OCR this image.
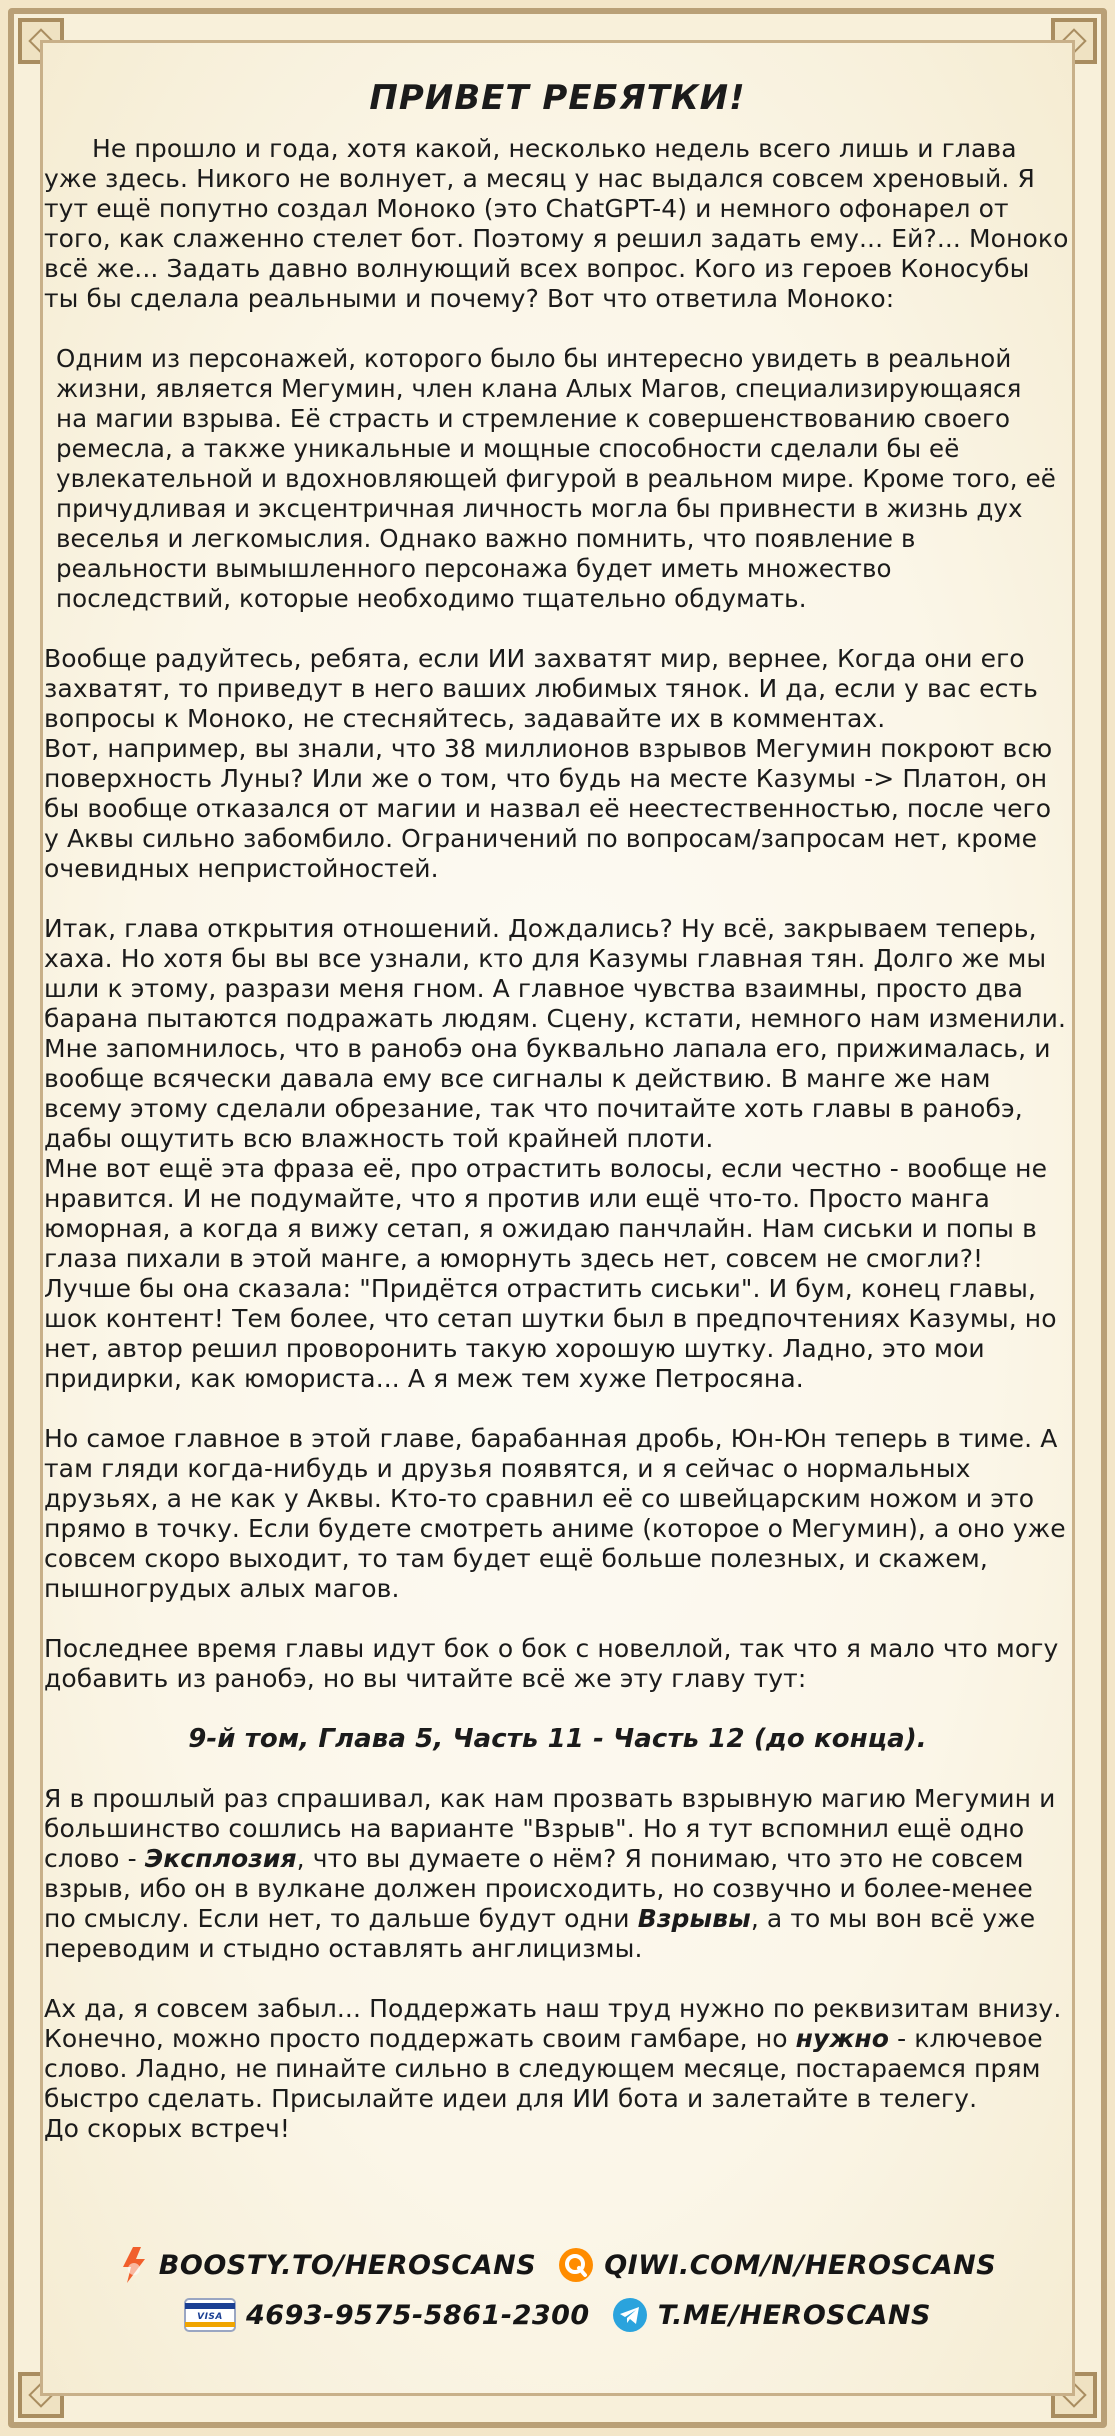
ПРИВЕТ РЕБЯТКИ!

Не прошло и года, хотя какой, несколько недель всего лишь и глава уже здесь. Никого не волнует, а месяц у нас выдался совсем хреновый. Я тут ещё попутно создал Моноко (это ChatGPT-4) и немного офонарел от того, как слаженно стелет бот. Поэтому я решил задать ему... Ей?... Моноко всё же... Задать давно волнующий всех вопрос. Кого из героев Коносубы ты бы сделала реальными и почему? Вот что ответила Моноко:

Одним из персонажей, которого было бы интересно увидеть в реальной жизни, является Мегумин, член клана Алых Магов, специализирующаяся на магии взрыва. Её страсть и стремление к совершенствованию своего ремесла, а также уникальные и мощные способности сделали бы её увлекательной и вдохновляющей фигурой в реальном мире. Кроме того, её причудливая и эксцентричная личность могла бы привнести в жизнь дух веселья и легкомыслия. Однако важно помнить, что появление в реальности вымышленного персонажа будет иметь множество последствий, которые необходимо тщательно обдумать.

Вообще радуйтесь, ребята, если ИИ захватят мир, вернее, Когда они его захватят, то приведут в него ваших любимых тянок. И да, если у вас есть вопросы к Моноко, не стесняйтесь, задавайте их в комментах.

Вот, например, вы знали, что 38 миллионов взрывов Мегумин покроют всю поверхность Луны? Или же о том, что будь на месте Казумы -> Платон, он бы вообще отказался от магии и назвал её неестественностью, после чего у Аквы сильно забомбило. Ограничений по вопросам/запросам нет, кроме очевидных непристойностей.

Итак, глава открытия отношений. Дождались? Ну всё, закрываем теперь, хаха. Но хотя бы вы все узнали, кто для Казумы главная тян. Долго же мы шли к этому, разрази меня гном. А главное чувства взаимны, просто два барана пытаются подражать людям. Сцену, кстати, немного нам изменили. Мне запомнилось, что в ранобэ она буквально лапала его, прижималась, и вообще всячески давала ему все сигналы к действию. В манге же нам всему этому сделали обрезание, так что почитайте хоть главы в ранобэ, дабы ощутить всю влажность той крайней плоти.

Мне вот ещё эта фраза её, про отрастить волосы, если честно - вообще не нравится. И не подумайте, что я против или ещё что-то. Просто манга юморная, а когда я вижу сетап, я ожидаю панчлайн. Нам сиськи и попы в глаза пихали в этой манге, а юморнуть здесь нет, совсем не смогли?! Лучше бы она сказала: "Придётся отрастить сиськи". И бум, конец главы, шок контент! Тем более, что сетап шутки был в предпочтениях Казумы, но нет, автор решил проворонить такую хорошую шутку. Ладно, это мои придирки, как юмориста... А я меж тем хуже Петросяна.

Но самое главное в этой главе, барабанная дробь, Юн-Юн теперь в тиме. А там гляди когда-нибудь и друзья появятся, и я сейчас о нормальных друзьях, а не как у Аквы. Кто-то сравнил её со швейцарским ножом и это прямо в точку. Если будете смотреть аниме (которое о Мегумин), а оно уже совсем скоро выходит, то там будет ещё больше полезных, и скажем, пышногрудых алых магов.

Последнее время главы идут бок о бок с новеллой, так что я мало что могу добавить из ранобэ, но вы читайте всё же эту главу тут:

9-й том, Глава 5, Часть 11 - Часть 12 (до конца).

Я в прошлый раз спрашивал, как нам прозвать взрывную магию Мегумин и большинство сошлись на варианте "Взрыв". Но я тут вспомнил ещё одно слово - Эксплозия, что вы думаете о нём? Я понимаю, что это не совсем взрыв, ибо он в вулкане должен происходить, но созвучно и более-менее по смыслу. Если нет, то дальше будут одни Взрывы, а то мы вон всё уже переводим и стыдно оставлять англицизмы.

Ах да, я совсем забыл... Поддержать наш труд нужно по реквизитам внизу. Конечно, можно просто поддержать своим гамбаре, но нужно - ключевое слово. Ладно, не пинайте сильно в следующем месяце, постараемся прям быстро сделать. Присылайте идеи для ИИ бота и залетайте в телегу.

До скорых встреч!

BOOSTY.TO/HEROSCANS	QIWI.COM/N/HEROSCANS
VISA 4693-9575-5861-2300	T.ME/HEROSCANS
